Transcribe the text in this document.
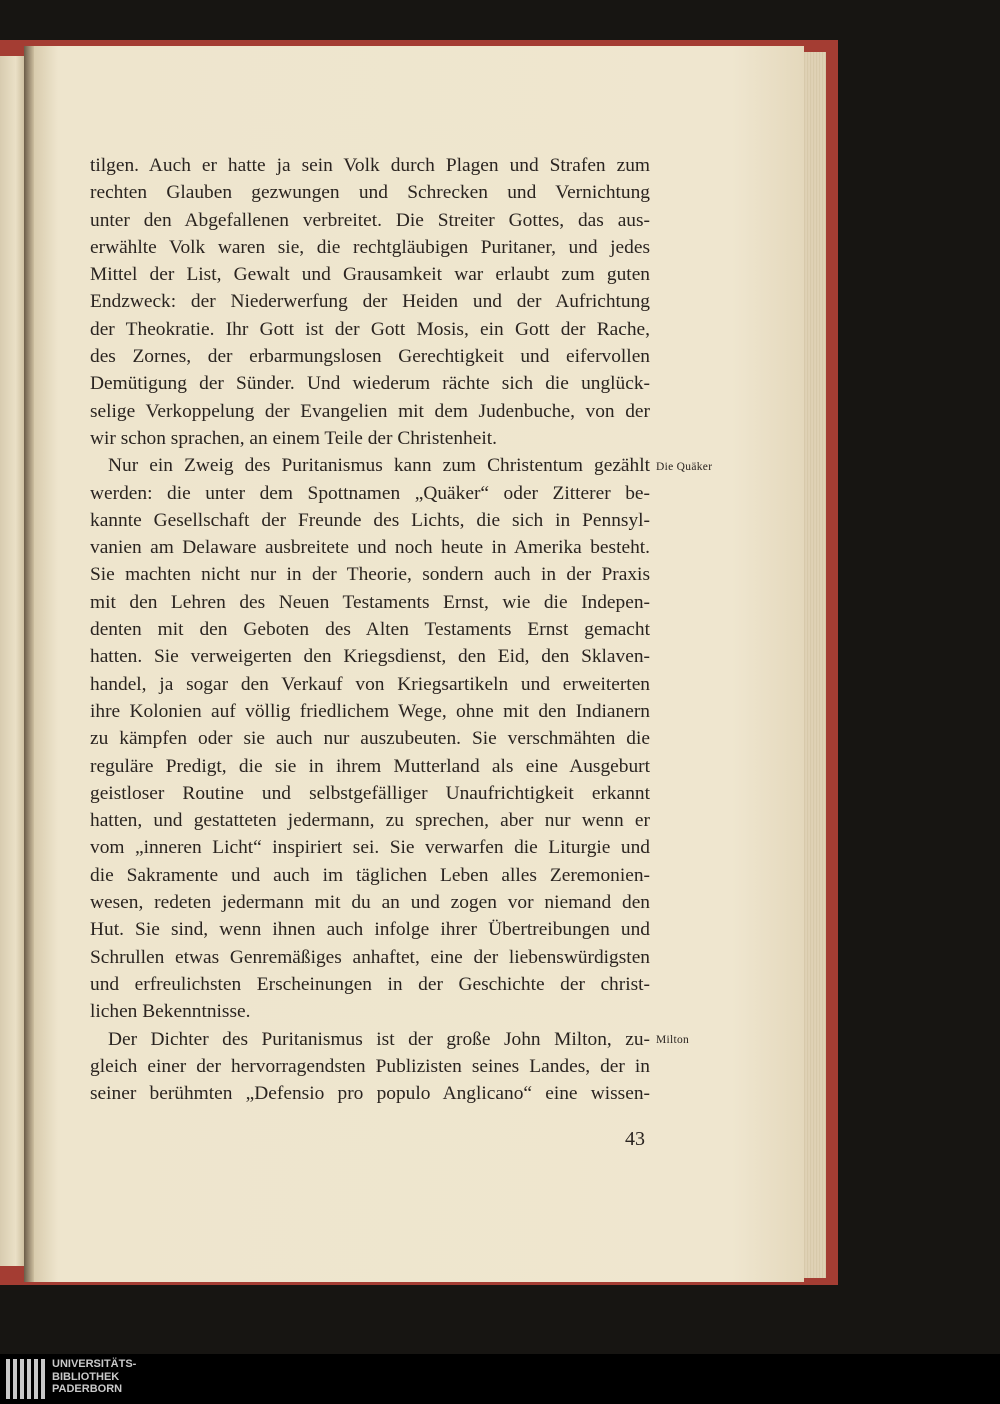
tilgen. Auch er hatte ja sein Volk durch Plagen und Strafen zum
rechten Glauben gezwungen und Schrecken und Vernichtung
unter den Abgefallenen verbreitet. Die Streiter Gottes, das aus-
erwählte Volk waren sie, die rechtgläubigen Puritaner, und jedes
Mittel der List, Gewalt und Grausamkeit war erlaubt zum guten
Endzweck: der Niederwerfung der Heiden und der Aufrichtung
der Theokratie. Ihr Gott ist der Gott Mosis, ein Gott der Rache,
des Zornes, der erbarmungslosen Gerechtigkeit und eifervollen
Demütigung der Sünder. Und wiederum rächte sich die unglück-
selige Verkoppelung der Evangelien mit dem Judenbuche, von der
wir schon sprachen, an einem Teile der Christenheit.
Nur ein Zweig des Puritanismus kann zum Christentum gezählt
werden: die unter dem Spottnamen „Quäker“ oder Zitterer be-
kannte Gesellschaft der Freunde des Lichts, die sich in Pennsyl-
vanien am Delaware ausbreitete und noch heute in Amerika besteht.
Sie machten nicht nur in der Theorie, sondern auch in der Praxis
mit den Lehren des Neuen Testaments Ernst, wie die Indepen-
denten mit den Geboten des Alten Testaments Ernst gemacht
hatten. Sie verweigerten den Kriegsdienst, den Eid, den Sklaven-
handel, ja sogar den Verkauf von Kriegsartikeln und erweiterten
ihre Kolonien auf völlig friedlichem Wege, ohne mit den Indianern
zu kämpfen oder sie auch nur auszubeuten. Sie verschmähten die
reguläre Predigt, die sie in ihrem Mutterland als eine Ausgeburt
geistloser Routine und selbstgefälliger Unaufrichtigkeit erkannt
hatten, und gestatteten jedermann, zu sprechen, aber nur wenn er
vom „inneren Licht“ inspiriert sei. Sie verwarfen die Liturgie und
die Sakramente und auch im täglichen Leben alles Zeremonien-
wesen, redeten jedermann mit du an und zogen vor niemand den
Hut. Sie sind, wenn ihnen auch infolge ihrer Übertreibungen und
Schrullen etwas Genremäßiges anhaftet, eine der liebenswürdigsten
und erfreulichsten Erscheinungen in der Geschichte der christ-
lichen Bekenntnisse.
Der Dichter des Puritanismus ist der große John Milton, zu-
gleich einer der hervorragendsten Publizisten seines Landes, der in
seiner berühmten „Defensio pro populo Anglicano“ eine wissen-
Die Quäker
Milton
43
UNIVERSITÄTS-
BIBLIOTHEK
PADERBORN
